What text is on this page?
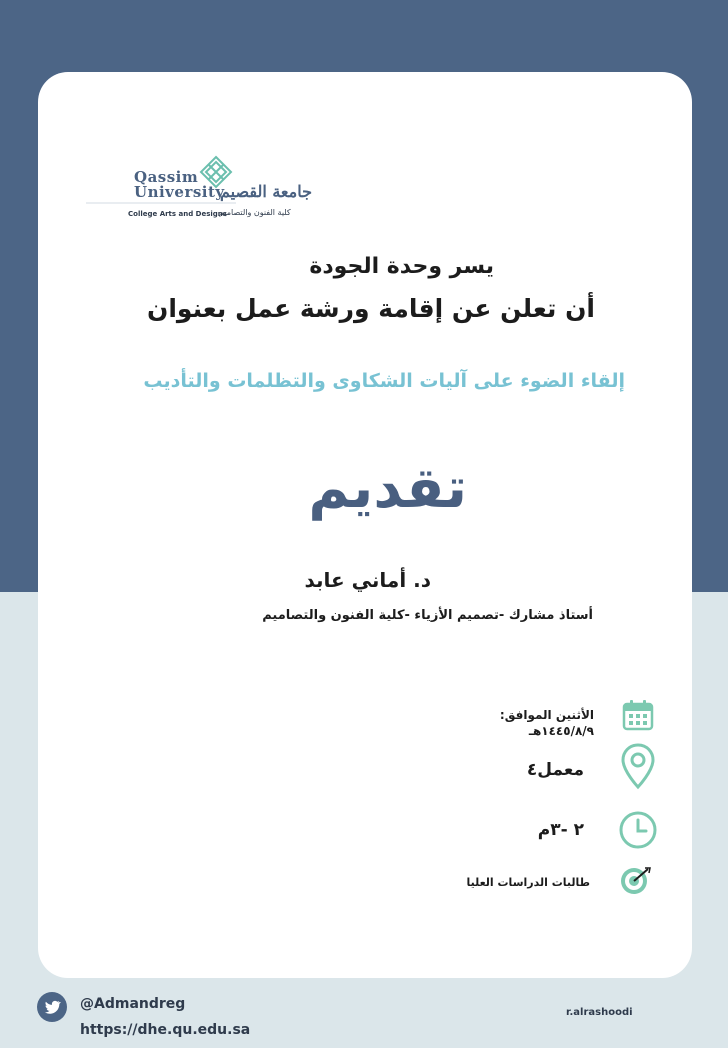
Qassim
University
جامعة القصيم
College Arts and Designs
كلية الفنون والتصاميم
يسر وحدة الجودة
أن تعلن عن إقامة ورشة عمل بعنوان
إلقاء الضوء على آليات الشكاوى والتظلمات والتأديب
تقديم
د. أماني عابد
أستاذ مشارك -تصميم الأزياء -كلية الفنون والتصاميم
الأثنين الموافق:
١٤٤٥/٨/٩هـ
معمل٤
٢ -٣م
طالبات الدراسات العليا
@Admandreg
https://dhe.qu.edu.sa
r.alrashoodi
